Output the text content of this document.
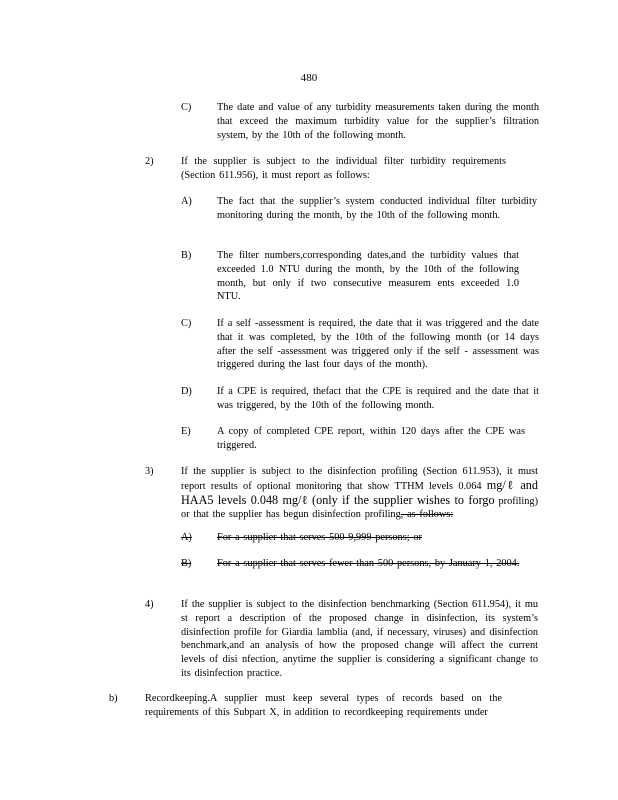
480
C) The date and value of any turbidity measurements taken during the month that exceed the maximum turbidity value for the supplier’s filtration system, by the 10th of the following month.
2)	If the supplier is subject to the individual filter turbidity requirements (Section 611.956), it must report as follows:
A) The fact that the supplier’s system conducted individual filter turbidity monitoring during the month, by the 10th of the following month.
B) The filter numbers,corresponding dates,and the turbidity values that exceeded 1.0 NTU during the month, by the 10th of the following month, but only if two consecutive measurem ents exceeded 1.0 NTU.
C) If a self -assessment is required, the date that it was triggered and the date that it was completed, by the 10th of the following month (or 14 days after the self -assessment was triggered only if the self - assessment was triggered during the last four days of the month).
D) If a CPE is required, thefact that the CPE is required and the date that it was triggered, by the 10th of the following month.
E)	A copy of completed CPE report, within 120 days after the CPE was triggered.
3)	If the supplier is subject to the disinfection profiling (Section 611.953), it must report results of optional monitoring that show TTHM levels 0.064 mg/ℓ and HAA5 levels 0.048 mg/ℓ (only if the supplier wishes to forgo profiling) or that the supplier has begun disinfection profiling, as follows:
A) For a supplier that serves 500 9,999 persons; or
B) For a supplier that serves fewer than 500 persons, by January 1, 2004.
4)	If the supplier is subject to the disinfection benchmarking (Section 611.954), it mu st report a description of the proposed change in disinfection, its system’s disinfection profile for Giardia lamblia (and, if necessary, viruses) and disinfection benchmark,and an analysis of how the proposed change will affect the current levels of disi nfection, anytime the supplier is considering a significant change to its disinfection practice.
b)	Recordkeeping.A supplier must keep several types of records based on the requirements of this Subpart X, in addition to recordkeeping requirements under
